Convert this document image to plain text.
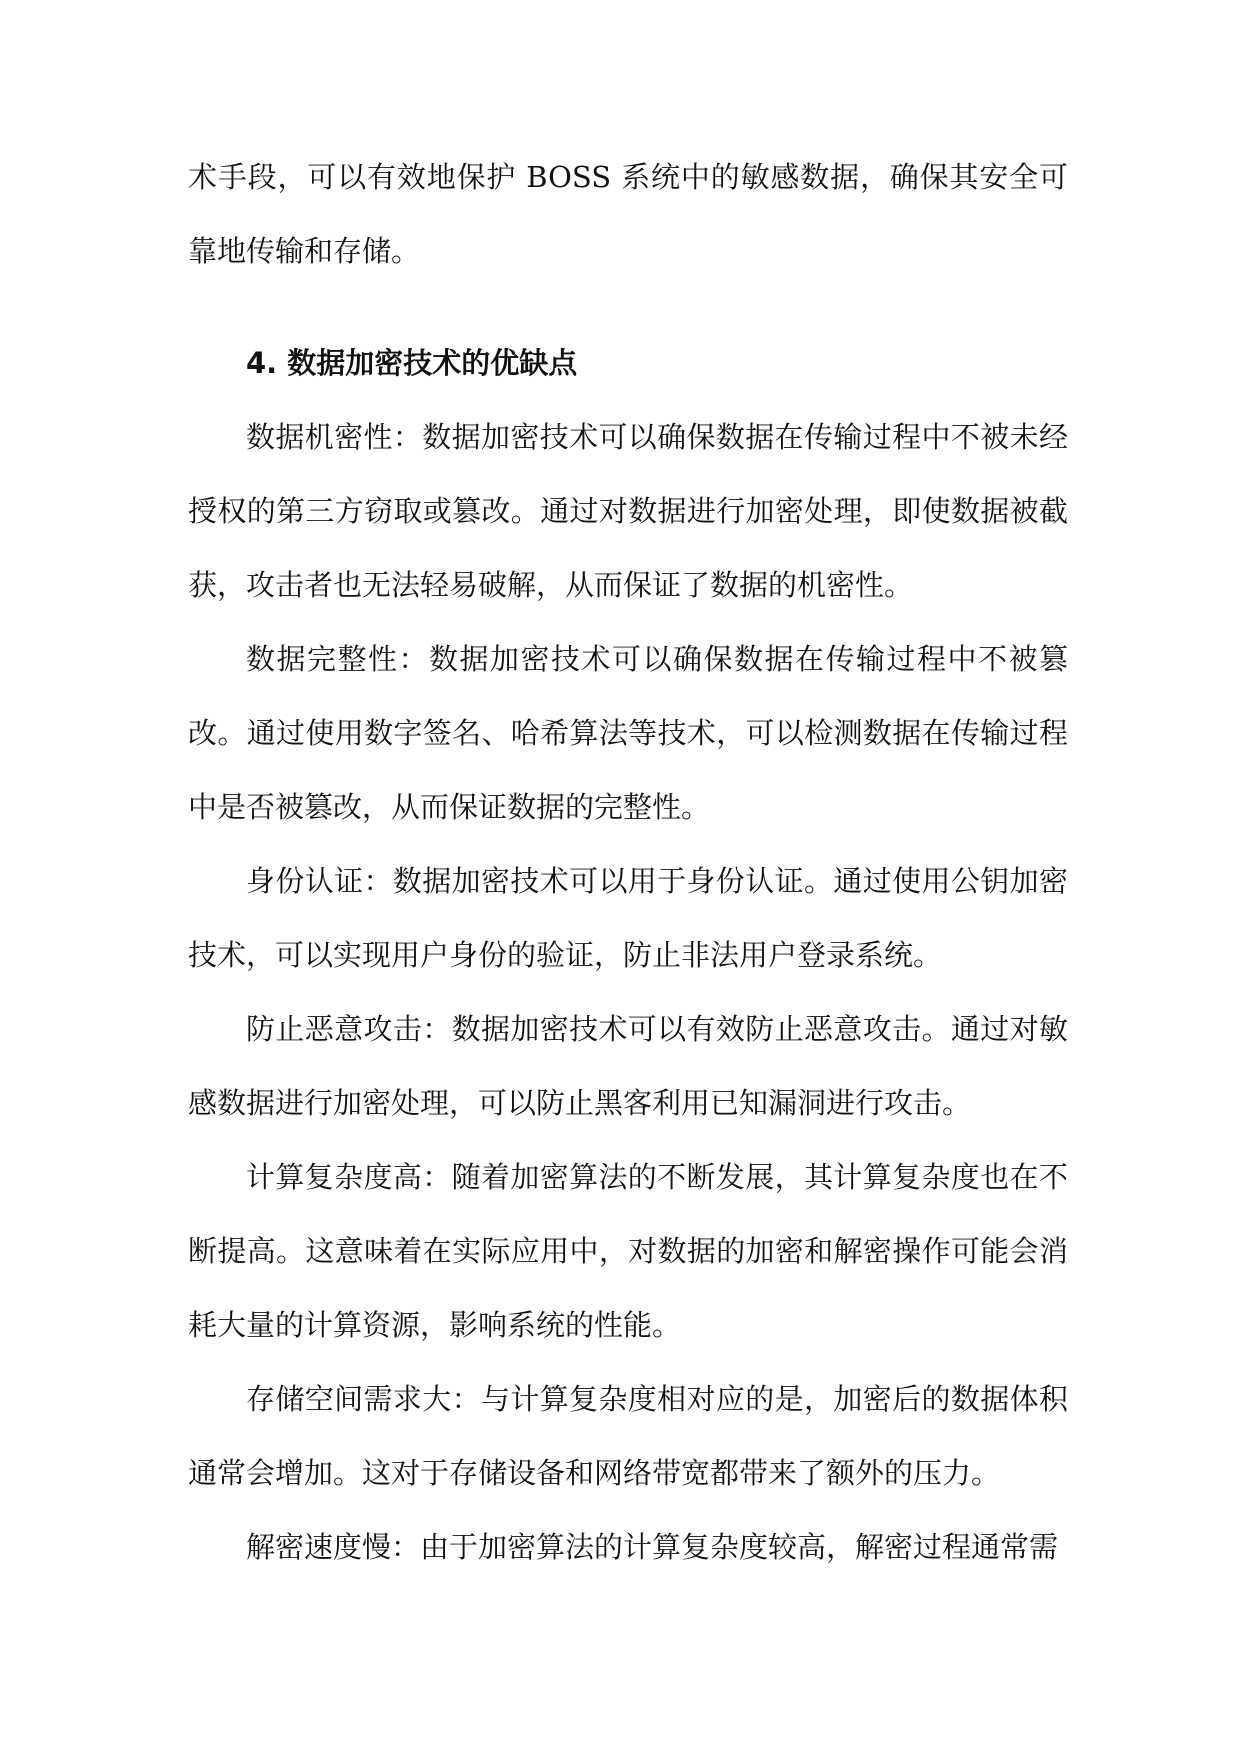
术手段，可以有效地保护 BOSS 系统中的敏感数据，确保其安全可靠地传输和存储。

4. 数据加密技术的优缺点

数据机密性：数据加密技术可以确保数据在传输过程中不被未经授权的第三方窃取或篡改。通过对数据进行加密处理，即使数据被截获，攻击者也无法轻易破解，从而保证了数据的机密性。

数据完整性：数据加密技术可以确保数据在传输过程中不被篡改。通过使用数字签名、哈希算法等技术，可以检测数据在传输过程中是否被篡改，从而保证数据的完整性。

身份认证：数据加密技术可以用于身份认证。通过使用公钥加密技术，可以实现用户身份的验证，防止非法用户登录系统。

防止恶意攻击：数据加密技术可以有效防止恶意攻击。通过对敏感数据进行加密处理，可以防止黑客利用已知漏洞进行攻击。

计算复杂度高：随着加密算法的不断发展，其计算复杂度也在不断提高。这意味着在实际应用中，对数据的加密和解密操作可能会消耗大量的计算资源，影响系统的性能。

存储空间需求大：与计算复杂度相对应的是，加密后的数据体积通常会增加。这对于存储设备和网络带宽都带来了额外的压力。

解密速度慢：由于加密算法的计算复杂度较高，解密过程通常需
